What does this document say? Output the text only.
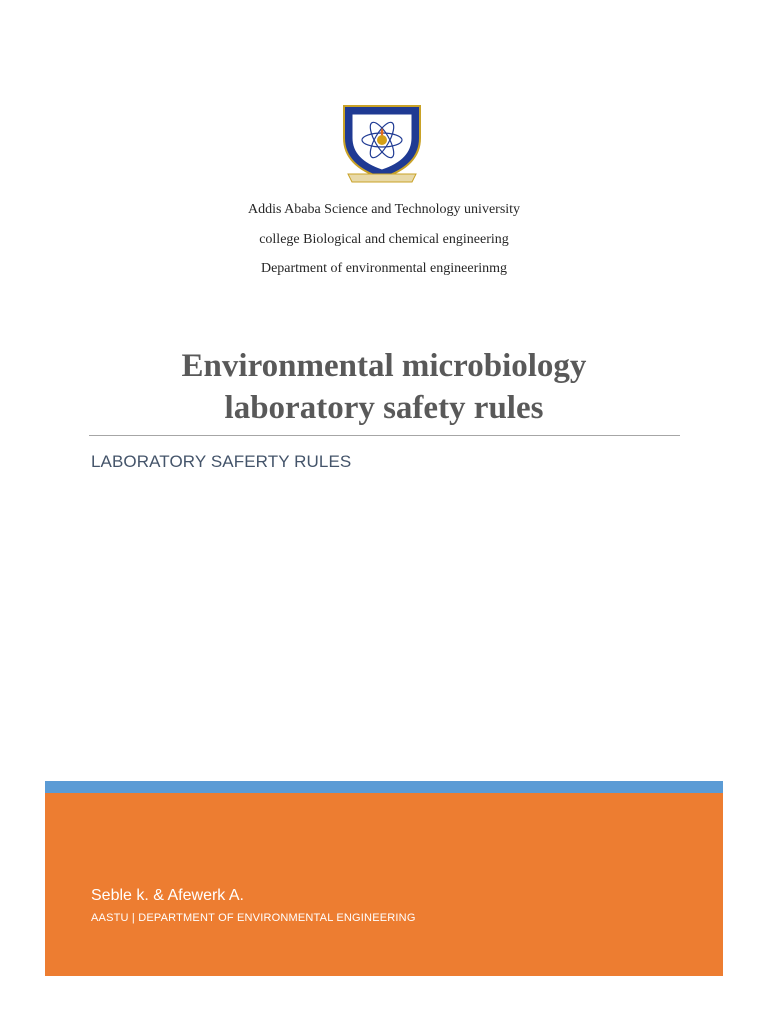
Addis Ababa Science and Technology university
college Biological and chemical engineering
Department of environmental engineerinmg
Environmental microbiology
laboratory safety rules
LABORATORY SAFERTY RULES
Seble k. & Afewerk A.
AASTU | DEPARTMENT OF ENVIRONMENTAL ENGINEERING
